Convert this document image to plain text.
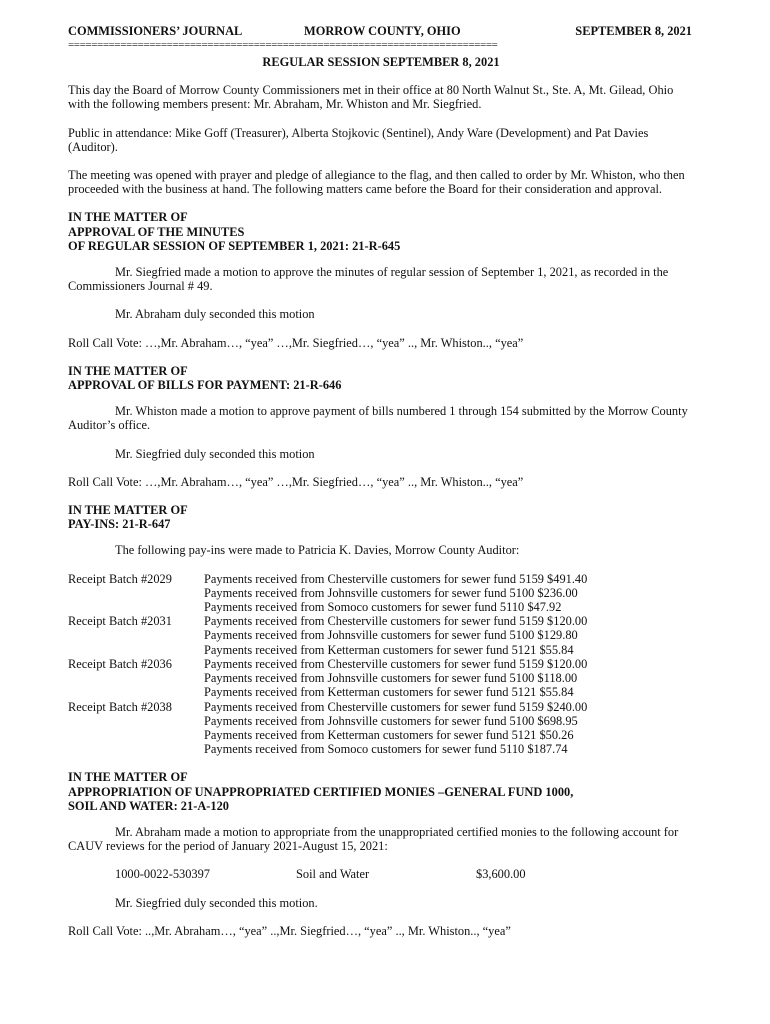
COMMISSIONERS’ JOURNAL	MORROW COUNTY, OHIO	SEPTEMBER 8, 2021
==========================================================================
REGULAR SESSION SEPTEMBER 8, 2021

This day the Board of Morrow County Commissioners met in their office at 80 North Walnut St., Ste. A, Mt. Gilead, Ohio with the following members present: Mr. Abraham, Mr. Whiston and Mr. Siegfried.

Public in attendance: Mike Goff (Treasurer), Alberta Stojkovic (Sentinel), Andy Ware (Development) and Pat Davies (Auditor).

The meeting was opened with prayer and pledge of allegiance to the flag, and then called to order by Mr. Whiston, who then proceeded with the business at hand. The following matters came before the Board for their consideration and approval.

IN THE MATTER OF
APPROVAL OF THE MINUTES
OF REGULAR SESSION OF SEPTEMBER 1, 2021: 21-R-645

Mr. Siegfried made a motion to approve the minutes of regular session of September 1, 2021, as recorded in the Commissioners Journal # 49.

Mr. Abraham duly seconded this motion

Roll Call Vote: …,Mr. Abraham…, “yea” …,Mr. Siegfried…, “yea” .., Mr. Whiston.., “yea”

IN THE MATTER OF
APPROVAL OF BILLS FOR PAYMENT: 21-R-646

Mr. Whiston made a motion to approve payment of bills numbered 1 through 154 submitted by the Morrow County Auditor’s office.

Mr. Siegfried duly seconded this motion

Roll Call Vote: …,Mr. Abraham…, “yea” …,Mr. Siegfried…, “yea” .., Mr. Whiston.., “yea”

IN THE MATTER OF
PAY-INS: 21-R-647

The following pay-ins were made to Patricia K. Davies, Morrow County Auditor:

Receipt Batch #2029	Payments received from Chesterville customers for sewer fund 5159 $491.40
Payments received from Johnsville customers for sewer fund 5100 $236.00
Payments received from Somoco customers for sewer fund 5110 $47.92
Receipt Batch #2031	Payments received from Chesterville customers for sewer fund 5159 $120.00
Payments received from Johnsville customers for sewer fund 5100 $129.80
Payments received from Ketterman customers for sewer fund 5121 $55.84
Receipt Batch #2036	Payments received from Chesterville customers for sewer fund 5159 $120.00
Payments received from Johnsville customers for sewer fund 5100 $118.00
Payments received from Ketterman customers for sewer fund 5121 $55.84
Receipt Batch #2038	Payments received from Chesterville customers for sewer fund 5159 $240.00
Payments received from Johnsville customers for sewer fund 5100 $698.95
Payments received from Ketterman customers for sewer fund 5121 $50.26
Payments received from Somoco customers for sewer fund 5110 $187.74
IN THE MATTER OF
APPROPRIATION OF UNAPPROPRIATED CERTIFIED MONIES –GENERAL FUND 1000,
SOIL AND WATER: 21-A-120

Mr. Abraham made a motion to appropriate from the unappropriated certified monies to the following account for CAUV reviews for the period of January 2021-August 15, 2021:

1000-0022-530397	Soil and Water	$3,600.00

Mr. Siegfried duly seconded this motion.

Roll Call Vote: ..,Mr. Abraham…, “yea” ..,Mr. Siegfried…, “yea” .., Mr. Whiston.., “yea”
